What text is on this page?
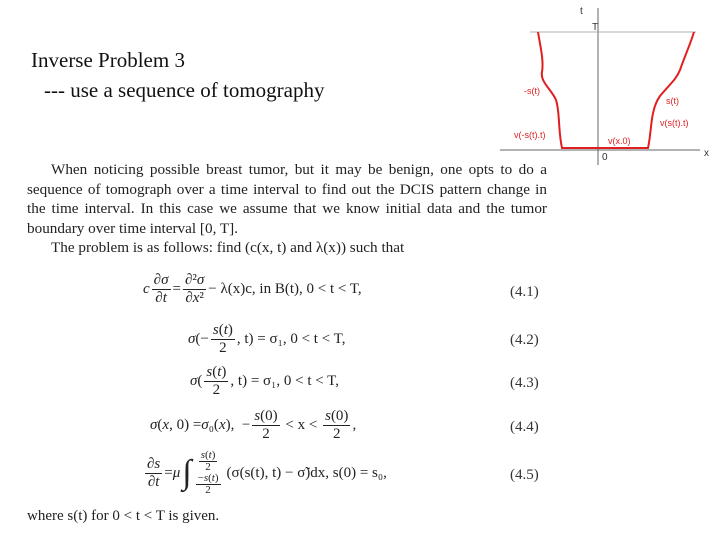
Inverse Problem 3
--- use a sequence of tomography
t
T
x
0
-s(t)
s(t)
v(-s(t).t)
v(s(t).t)
v(x.0)

When noticing possible breast tumor, but it may be benign, one opts to do a sequence of tomograph over a time interval to find out the DCIS pattern change in the time interval. In this case we assume that we know initial data and the tumor boundary over time interval [0, T].

The problem is as follows: find (c(x, t) and λ(x)) such that

c $\frac{\partial\sigma}{\partial t} = \frac{\text{∂²σ}}{\text{∂x²}} - \lambda(x)c$, in B(t), 0 < t < T,	(4.1)
σ (− $\frac{s(t)}{2}$ , t) = σ₁, 0 < t < T,	(4.2)
σ ( $\frac{s(t)}{2}$ , t) = σ₁, 0 < t < T,	(4.3)
σ ( x , 0) = σ ₀( x ),  − $\frac{s(0)}{2}$
< x <
$\frac{s(0)}{2}$ ,	(4.4)
$\frac{\partial s}{\partial t} = \mu$ ∫ $\frac{s(t)}{2}$
$\frac{-s(t)}{2}$
(σ(s(t), t) − σ̃)dx, s(0) = s₀,	(4.5)
where s(t) for 0 < t < T is given.
